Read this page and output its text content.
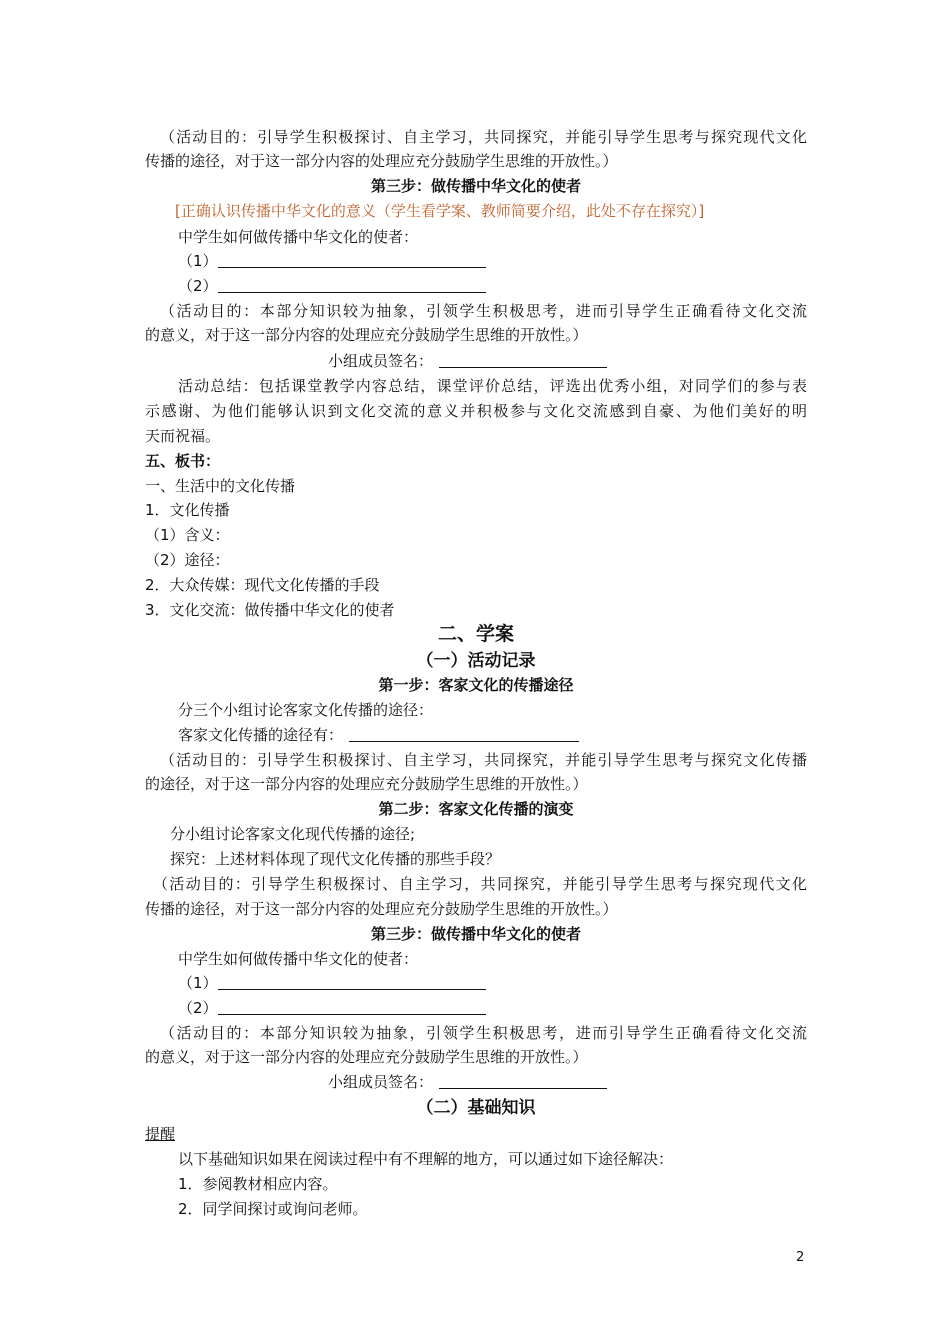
（活动目的：引导学生积极探讨、自主学习，共同探究，并能引导学生思考与探究现代文化
传播的途径，对于这一部分内容的处理应充分鼓励学生思维的开放性。）
第三步：做传播中华文化的使者
[正确认识传播中华文化的意义（学生看学案、教师简要介绍，此处不存在探究）]
中学生如何做传播中华文化的使者：
（1）
（2）
（活动目的：本部分知识较为抽象，引领学生积极思考，进而引导学生正确看待文化交流
的意义，对于这一部分内容的处理应充分鼓励学生思维的开放性。）
小组成员签名：
活动总结：包括课堂教学内容总结，课堂评价总结，评选出优秀小组，对同学们的参与表
示感谢、为他们能够认识到文化交流的意义并积极参与文化交流感到自豪、为他们美好的明
天而祝福。
五、板书：
一、生活中的文化传播
1．文化传播
（1）含义：
（2）途径：
2．大众传媒：现代文化传播的手段
3．文化交流：做传播中华文化的使者
二、学案
（一）活动记录
第一步：客家文化的传播途径
分三个小组讨论客家文化传播的途径：
客家文化传播的途径有：
（活动目的：引导学生积极探讨、自主学习，共同探究，并能引导学生思考与探究文化传播
的途径，对于这一部分内容的处理应充分鼓励学生思维的开放性。）
第二步：客家文化传播的演变
分小组讨论客家文化现代传播的途径;
探究：上述材料体现了现代文化传播的那些手段？
（活动目的：引导学生积极探讨、自主学习，共同探究，并能引导学生思考与探究现代文化
传播的途径，对于这一部分内容的处理应充分鼓励学生思维的开放性。）
第三步：做传播中华文化的使者
中学生如何做传播中华文化的使者：
（1）
（2）
（活动目的：本部分知识较为抽象，引领学生积极思考，进而引导学生正确看待文化交流
的意义，对于这一部分内容的处理应充分鼓励学生思维的开放性。）
小组成员签名：
（二）基础知识
提醒
以下基础知识如果在阅读过程中有不理解的地方，可以通过如下途径解决：
1．参阅教材相应内容。
2．同学间探讨或询问老师。
2
